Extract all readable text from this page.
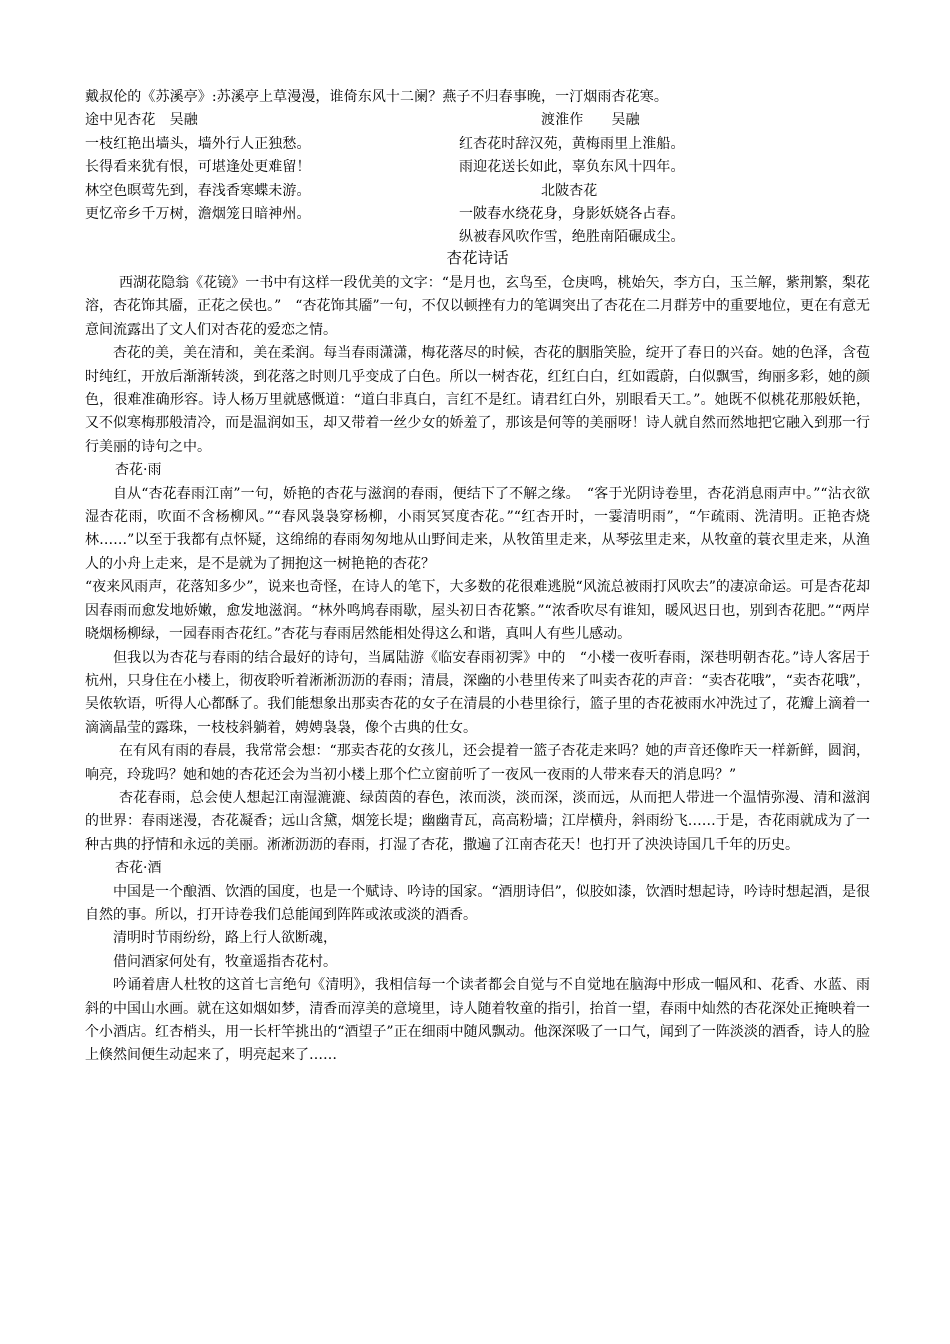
戴叔伦的《苏溪亭》:苏溪亭上草漫漫，谁倚东风十二阑？燕子不归春事晚，一汀烟雨杏花寒。
途中见杏花　吴融
一枝红艳出墙头，墙外行人正独愁。
长得看来犹有恨，可堪逢处更难留！
林空色暝莺先到，春浅香寒蝶未游。
更忆帝乡千万树，澹烟笼日暗神州。
渡淮作　　吴融
红杏花时辞汉苑，黄梅雨里上淮船。
雨迎花送长如此，辜负东风十四年。
北陂杏花
一陂春水绕花身，身影妖娆各占春。
纵被春风吹作雪，绝胜南陌碾成尘。
杏花诗话

西湖花隐翁《花镜》一书中有这样一段优美的文字：“是月也，玄鸟至，仓庚鸣，桃始矢，李方白，玉兰解，紫荆繁，梨花溶，杏花饰其靥，正花之侯也。”　“杏花饰其靥”一句，不仅以顿挫有力的笔调突出了杏花在二月群芳中的重要地位，更在有意无意间流露出了文人们对杏花的爱恋之情。

杏花的美，美在清和，美在柔润。每当春雨潇潇，梅花落尽的时候，杏花的胭脂笑脸，绽开了春日的兴奋。她的色泽，含苞时纯红，开放后渐渐转淡，到花落之时则几乎变成了白色。所以一树杏花，红红白白，红如霞蔚，白似飘雪，绚丽多彩，她的颜色，很难准确形容。诗人杨万里就感慨道：“道白非真白，言红不是红。请君红白外，别眼看天工。”。她既不似桃花那般妖艳，又不似寒梅那般清冷，而是温润如玉，却又带着一丝少女的娇羞了，那该是何等的美丽呀！诗人就自然而然地把它融入到那一行行美丽的诗句之中。

杏花·雨

自从“杏花春雨江南”一句，娇艳的杏花与滋润的春雨，便结下了不解之缘。　“客于光阴诗卷里，杏花消息雨声中。”“沾衣欲湿杏花雨，吹面不含杨柳风。”“春风袅袅穿杨柳，小雨冥冥度杏花。”“红杏开时，一霎清明雨”，“乍疏雨、洗清明。正艳杏烧林……”以至于我都有点怀疑，这绵绵的春雨匆匆地从山野间走来，从牧笛里走来，从琴弦里走来，从牧童的蓑衣里走来，从渔人的小舟上走来，是不是就为了拥抱这一树艳艳的杏花？

“夜来风雨声，花落知多少”，说来也奇怪，在诗人的笔下，大多数的花很难逃脱“风流总被雨打风吹去”的凄凉命运。可是杏花却因春雨而愈发地娇嫩，愈发地滋润。“林外鸣鸠春雨歇，屋头初日杏花繁。”“浓香吹尽有谁知，暖风迟日也，别到杏花肥。”“两岸晓烟杨柳绿，一园春雨杏花红。”杏花与春雨居然能相处得这么和谐，真叫人有些儿感动。

但我以为杏花与春雨的结合最好的诗句，当属陆游《临安春雨初霁》中的　“小楼一夜听春雨，深巷明朝杏花。”诗人客居于杭州，只身住在小楼上，彻夜聆听着淅淅沥沥的春雨；清晨，深幽的小巷里传来了叫卖杏花的声音：“卖杏花哦”，“卖杏花哦”，吴侬软语，听得人心都酥了。我们能想象出那卖杏花的女子在清晨的小巷里徐行，篮子里的杏花被雨水冲洗过了，花瓣上滴着一滴滴晶莹的露珠，一枝枝斜躺着，娉娉袅袅，像个古典的仕女。

在有风有雨的春晨，我常常会想：“那卖杏花的女孩儿，还会提着一篮子杏花走来吗？她的声音还像昨天一样新鲜，圆润，响亮，玲珑吗？她和她的杏花还会为当初小楼上那个伫立窗前听了一夜风一夜雨的人带来春天的消息吗？”

杏花春雨，总会使人想起江南湿漉漉、绿茵茵的春色，浓而淡，淡而深，淡而远，从而把人带进一个温情弥漫、清和滋润的世界：春雨迷漫，杏花凝香；远山含黛，烟笼长堤；幽幽青瓦，高高粉墙；江岸横舟，斜雨纷飞……于是，杏花雨就成为了一种古典的抒情和永远的美丽。淅淅沥沥的春雨，打湿了杏花，撒遍了江南杏花天！也打开了泱泱诗国几千年的历史。

杏花·酒

中国是一个酿酒、饮酒的国度，也是一个赋诗、吟诗的国家。“酒朋诗侣”，似胶如漆，饮酒时想起诗，吟诗时想起酒，是很自然的事。所以，打开诗卷我们总能闻到阵阵或浓或淡的酒香。

清明时节雨纷纷，路上行人欲断魂，

借问酒家何处有，牧童遥指杏花村。

吟诵着唐人杜牧的这首七言绝句《清明》，我相信每一个读者都会自觉与不自觉地在脑海中形成一幅风和、花香、水蓝、雨斜的中国山水画。就在这如烟如梦，清香而淳美的意境里，诗人随着牧童的指引，抬首一望，春雨中灿然的杏花深处正掩映着一个小酒店。红杏梢头，用一长杆竿挑出的“酒望子”正在细雨中随风飘动。他深深吸了一口气，闻到了一阵淡淡的酒香，诗人的脸上倏然间便生动起来了，明亮起来了……
